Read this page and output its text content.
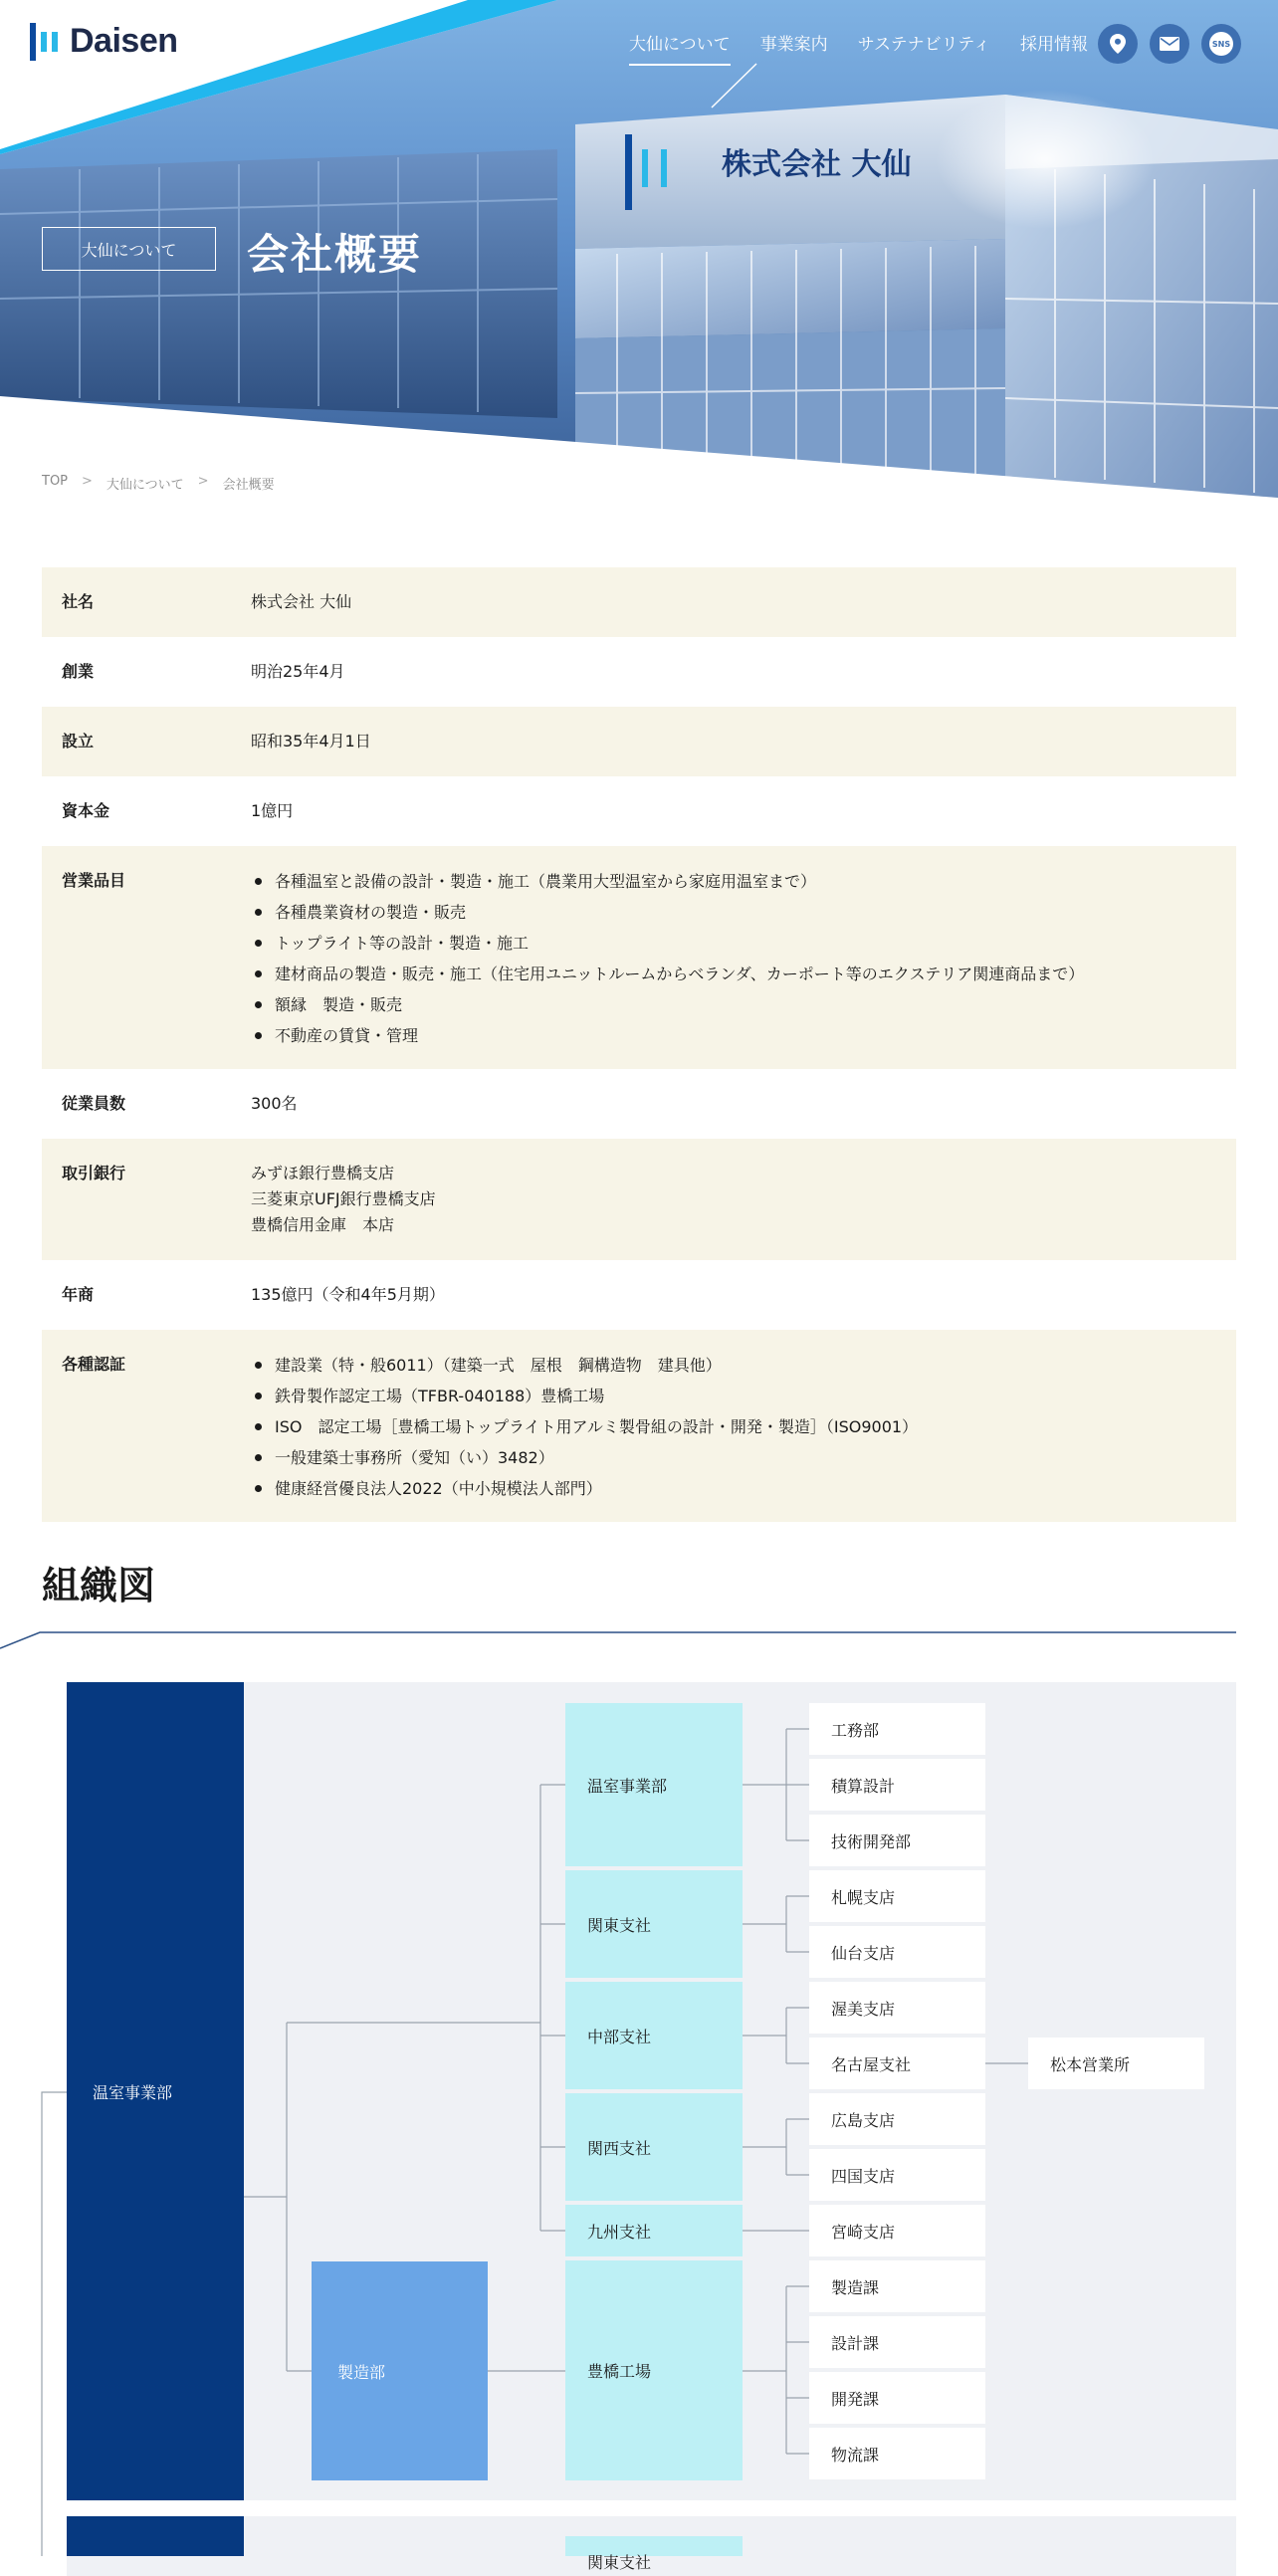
株式会社 大仙
Daisen	大仙について 事業案内 サステナビリティ 採用情報	SNS
大仙について	会社概要
TOP > 大仙について > 会社概要
社名	株式会社 大仙
創業	明治25年4月
設立	昭和35年4月1日
資本金	1億円
営業品目	各種温室と設備の設計・製造・施工（農業用大型温室から家庭用温室まで）
各種農業資材の製造・販売
トップライト等の設計・製造・施工
建材商品の製造・販売・施工（住宅用ユニットルームからベランダ、カーポート等のエクステリア関連商品まで）
額縁　製造・販売
不動産の賃貸・管理
従業員数	300名
取引銀行	みずほ銀行豊橋支店
三菱東京UFJ銀行豊橋支店
豊橋信用金庫　本店
年商	135億円（令和4年5月期）
各種認証	建設業（特・般6011）（建築一式　屋根　鋼構造物　建具他）
鉄骨製作認定工場（TFBR-040188）豊橋工場
ISO　認定工場［豊橋工場トップライト用アルミ製骨組の設計・開発・製造］（ISO9001）
一般建築士事務所（愛知（い）3482）
健康経営優良法人2022（中小規模法人部門）
組織図
温室事業部
製造部
温室事業部
関東支社
中部支社
関西支社
九州支社
豊橋工場
関東支社
工務部
積算設計
技術開発部
札幌支店
仙台支店
渥美支店
名古屋支社	松本営業所
広島支店
四国支店
宮崎支店
製造課
設計課
開発課
物流課
